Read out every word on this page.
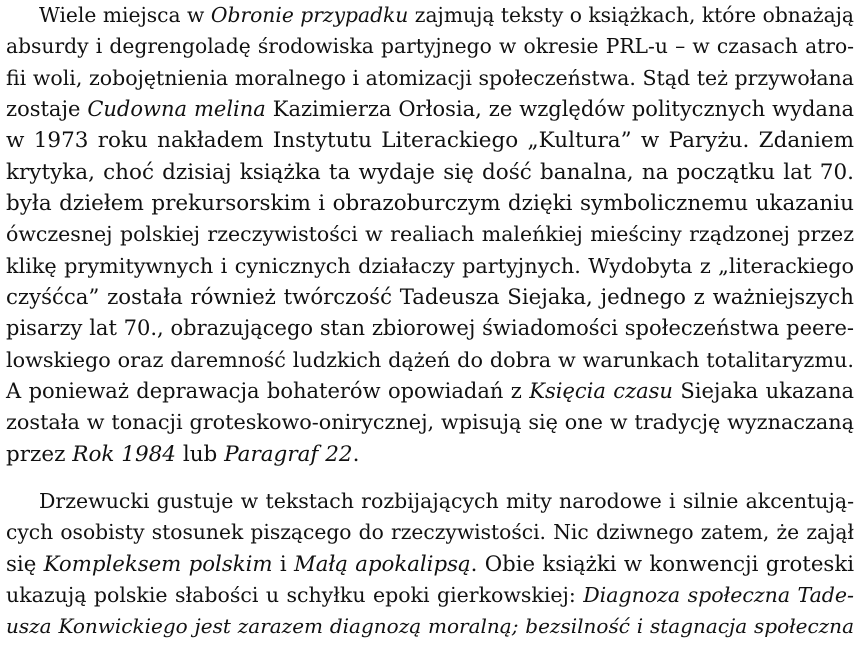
Wiele miejsca w Obronie przypadku zajmują teksty o książkach, które obnażają
absurdy i degrengoladę środowiska partyjnego w okresie PRL-u – w czasach atro-
fii woli, zobojętnienia moralnego i atomizacji społeczeństwa. Stąd też przywołana
zostaje Cudowna melina Kazimierza Orłosia, ze względów politycznych wydana
w 1973 roku nakładem Instytutu Literackiego „Kultura” w Paryżu. Zdaniem
krytyka, choć dzisiaj książka ta wydaje się dość banalna, na początku lat 70.
była dziełem prekursorskim i obrazoburczym dzięki symbolicznemu ukazaniu
ówczesnej polskiej rzeczywistości w realiach maleńkiej mieściny rządzonej przez
klikę prymitywnych i cynicznych działaczy partyjnych. Wydobyta z „literackiego
czyśćca” została również twórczość Tadeusza Siejaka, jednego z ważniejszych
pisarzy lat 70., obrazującego stan zbiorowej świadomości społeczeństwa peere-
lowskiego oraz daremność ludzkich dążeń do dobra w warunkach totalitaryzmu.
A ponieważ deprawacja bohaterów opowiadań z Księcia czasu Siejaka ukazana
została w tonacji groteskowo-onirycznej, wpisują się one w tradycję wyznaczaną
przez Rok 1984 lub Paragraf 22.
Drzewucki gustuje w tekstach rozbijających mity narodowe i silnie akcentują-
cych osobisty stosunek piszącego do rzeczywistości. Nic dziwnego zatem, że zajął
się Kompleksem polskim i Małą apokalipsą. Obie książki w konwencji groteski
ukazują polskie słabości u schyłku epoki gierkowskiej: Diagnoza społeczna Tade-
usza Konwickiego jest zarazem diagnozą moralną; bezsilność i stagnacja społeczna
